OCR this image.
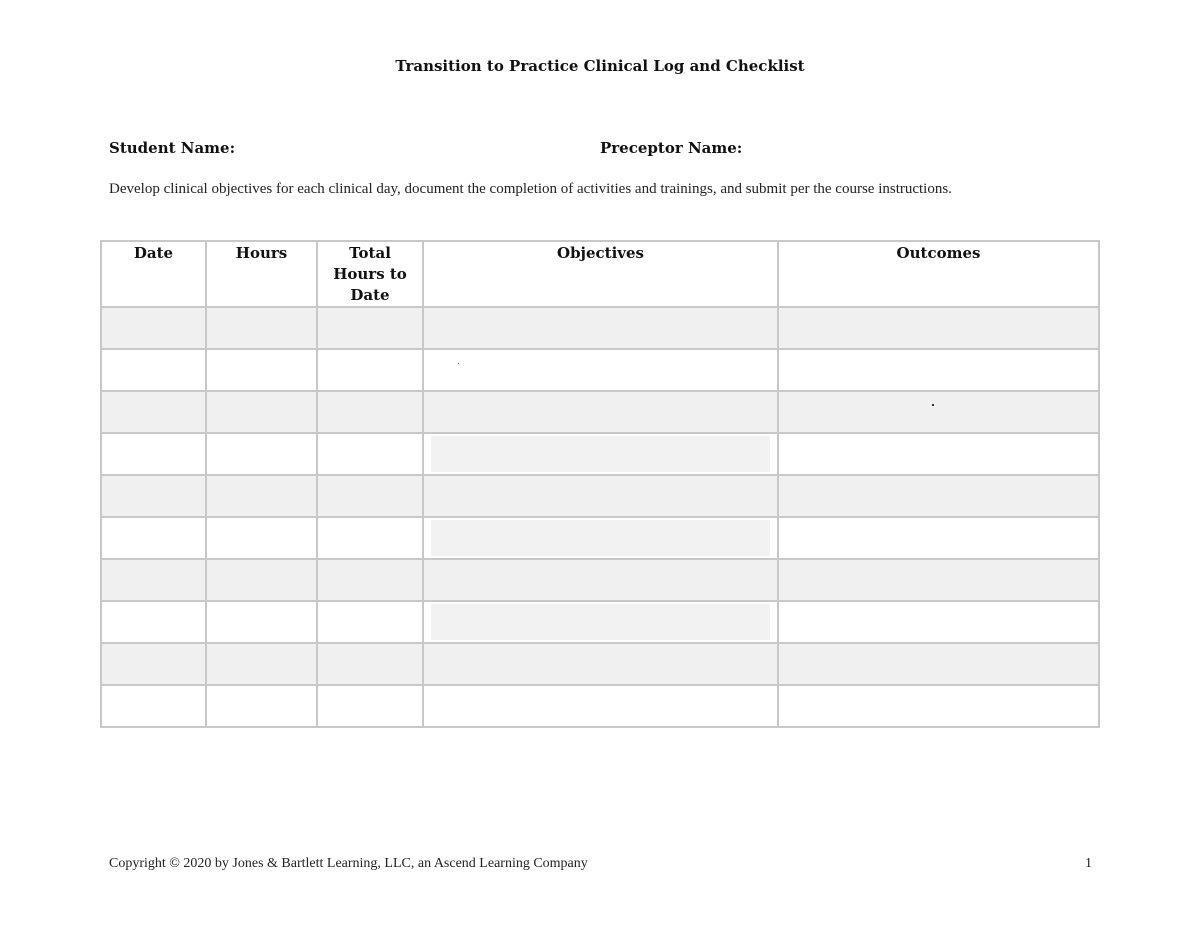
Transition to Practice Clinical Log and Checklist
Student Name:	Preceptor Name:
Develop clinical objectives for each clinical day, document the completion of activities and trainings, and submit per the course instructions.
Date	Hours	Total Hours to Date	Objectives	Outcomes

Copyright © 2020 by Jones & Bartlett Learning, LLC, an Ascend Learning Company	1
